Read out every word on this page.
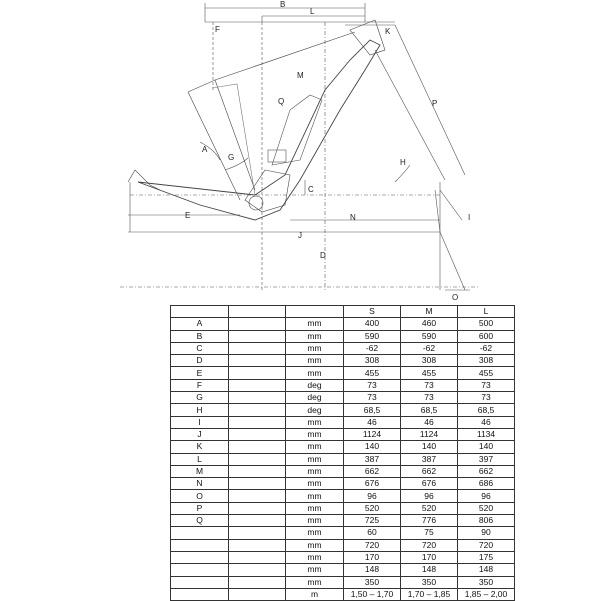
B
L
F	K
M
P
Q
A
G
H
C
E	N	I
J
D
O
			S	M	L
A		mm	400	460	500
B		mm	590	590	600
C		mm	-62	-62	-62
D		mm	308	308	308
E		mm	455	455	455
F		deg	73	73	73
G		deg	73	73	73
H		deg	68,5	68,5	68,5
I		mm	46	46	46
J		mm	1124	1124	1134
K		mm	140	140	140
L		mm	387	387	397
M		mm	662	662	662
N		mm	676	676	686
O		mm	96	96	96
P		mm	520	520	520
Q		mm	725	776	806
		mm	60	75	90
		mm	720	720	720
		mm	170	170	175
		mm	148	148	148
		mm	350	350	350
		m	1,50 – 1,70	1,70 – 1,85	1,85 – 2,00
